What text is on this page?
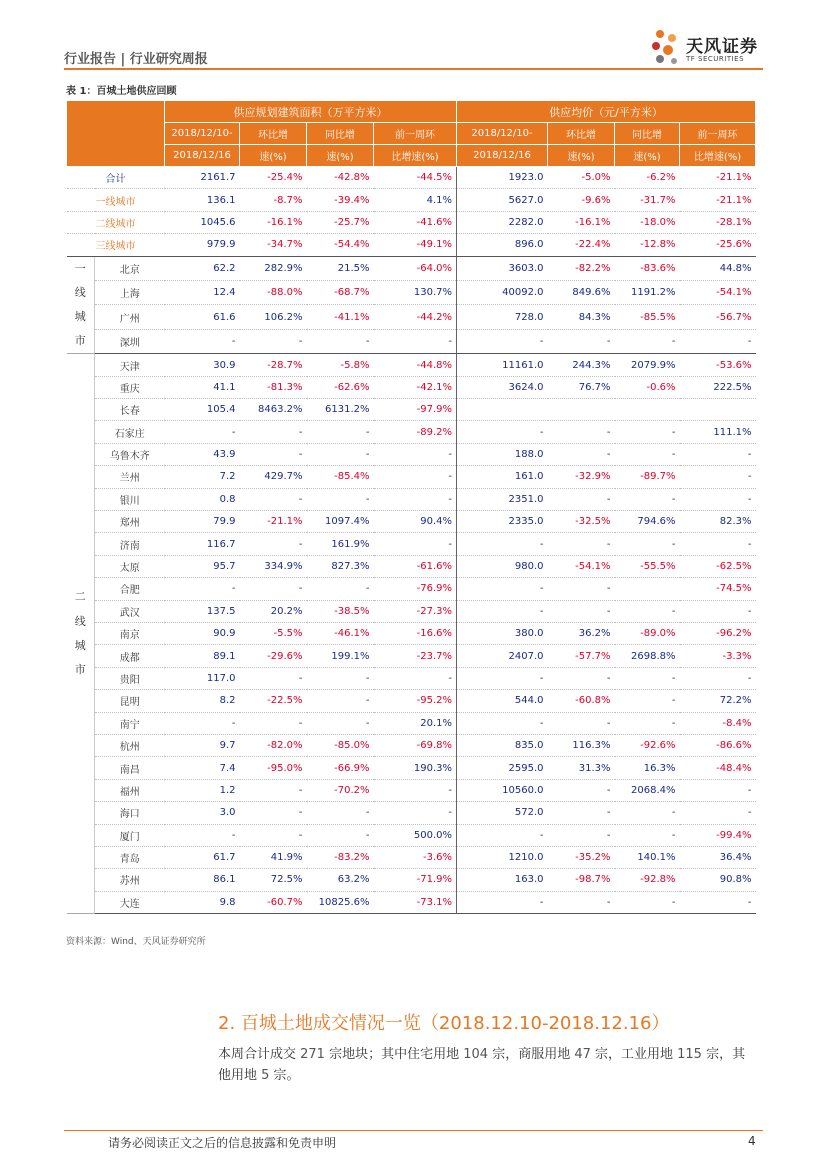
行业报告 | 行业研究周报
天风证券
TF SECURITIES
表 1：百城土地供应回顾
		供应规划建筑面积（万平方米）				供应均价（元/平方米）			
		2018/12/10-	环比增	同比增	前一周环	2018/12/10-	环比增	同比增	前一周环
		2018/12/16	速(%)	速(%)	比增速(%)	2018/12/16	速(%)	速(%)	比增速(%)
合计		2161.7	-25.4%	-42.8%	-44.5%	1923.0	-5.0%	-6.2%	-21.1%
一线城市		136.1	-8.7%	-39.4%	4.1%	5627.0	-9.6%	-31.7%	-21.1%
二线城市		1045.6	-16.1%	-25.7%	-41.6%	2282.0	-16.1%	-18.0%	-28.1%
三线城市		979.9	-34.7%	-54.4%	-49.1%	896.0	-22.4%	-12.8%	-25.6%
一
线
城
市	北京	62.2	282.9%	21.5%	-64.0%	3603.0	-82.2%	-83.6%	44.8%
	上海	12.4	-88.0%	-68.7%	130.7%	40092.0	849.6%	1191.2%	-54.1%
	广州	61.6	106.2%	-41.1%	-44.2%	728.0	84.3%	-85.5%	-56.7%
	深圳	-	-	-	-	-	-	-	-
二
线
城
市	天津	30.9	-28.7%	-5.8%	-44.8%	11161.0	244.3%	2079.9%	-53.6%
	重庆	41.1	-81.3%	-62.6%	-42.1%	3624.0	76.7%	-0.6%	222.5%
	长春	105.4	8463.2%	6131.2%	-97.9%				
	石家庄	-	-	-	-89.2%	-	-	-	111.1%
	乌鲁木齐	43.9	-	-	-	188.0	-	-	-
	兰州	7.2	429.7%	-85.4%	-	161.0	-32.9%	-89.7%	-
	银川	0.8	-	-	-	2351.0	-	-	-
	郑州	79.9	-21.1%	1097.4%	90.4%	2335.0	-32.5%	794.6%	82.3%
	济南	116.7	-	161.9%	-	-	-	-	-
	太原	95.7	334.9%	827.3%	-61.6%	980.0	-54.1%	-55.5%	-62.5%
	合肥	-	-	-	-76.9%	-	-		-74.5%
	武汉	137.5	20.2%	-38.5%	-27.3%	-	-	-	-
	南京	90.9	-5.5%	-46.1%	-16.6%	380.0	36.2%	-89.0%	-96.2%
	成都	89.1	-29.6%	199.1%	-23.7%	2407.0	-57.7%	2698.8%	-3.3%
	贵阳	117.0	-	-	-	-	-	-	-
	昆明	8.2	-22.5%	-	-95.2%	544.0	-60.8%	-	72.2%
	南宁	-	-	-	20.1%	-	-	-	-8.4%
	杭州	9.7	-82.0%	-85.0%	-69.8%	835.0	116.3%	-92.6%	-86.6%
	南昌	7.4	-95.0%	-66.9%	190.3%	2595.0	31.3%	16.3%	-48.4%
	福州	1.2	-	-70.2%	-	10560.0	-	2068.4%	-
	海口	3.0	-	-	-	572.0	-	-	-
	厦门	-	-	-	500.0%	-	-	-	-99.4%
	青岛	61.7	41.9%	-83.2%	-3.6%	1210.0	-35.2%	140.1%	36.4%
	苏州	86.1	72.5%	63.2%	-71.9%	163.0	-98.7%	-92.8%	90.8%
	大连	9.8	-60.7%	10825.6%	-73.1%	-	-	-	-
资料来源：Wind、天风证券研究所
2. 百城土地成交情况一览（2018.12.10-2018.12.16）
本周合计成交 271 宗地块；其中住宅用地 104 宗，商服用地 47 宗，工业用地 115 宗，其他用地 5 宗。
请务必阅读正文之后的信息披露和免责申明	4
